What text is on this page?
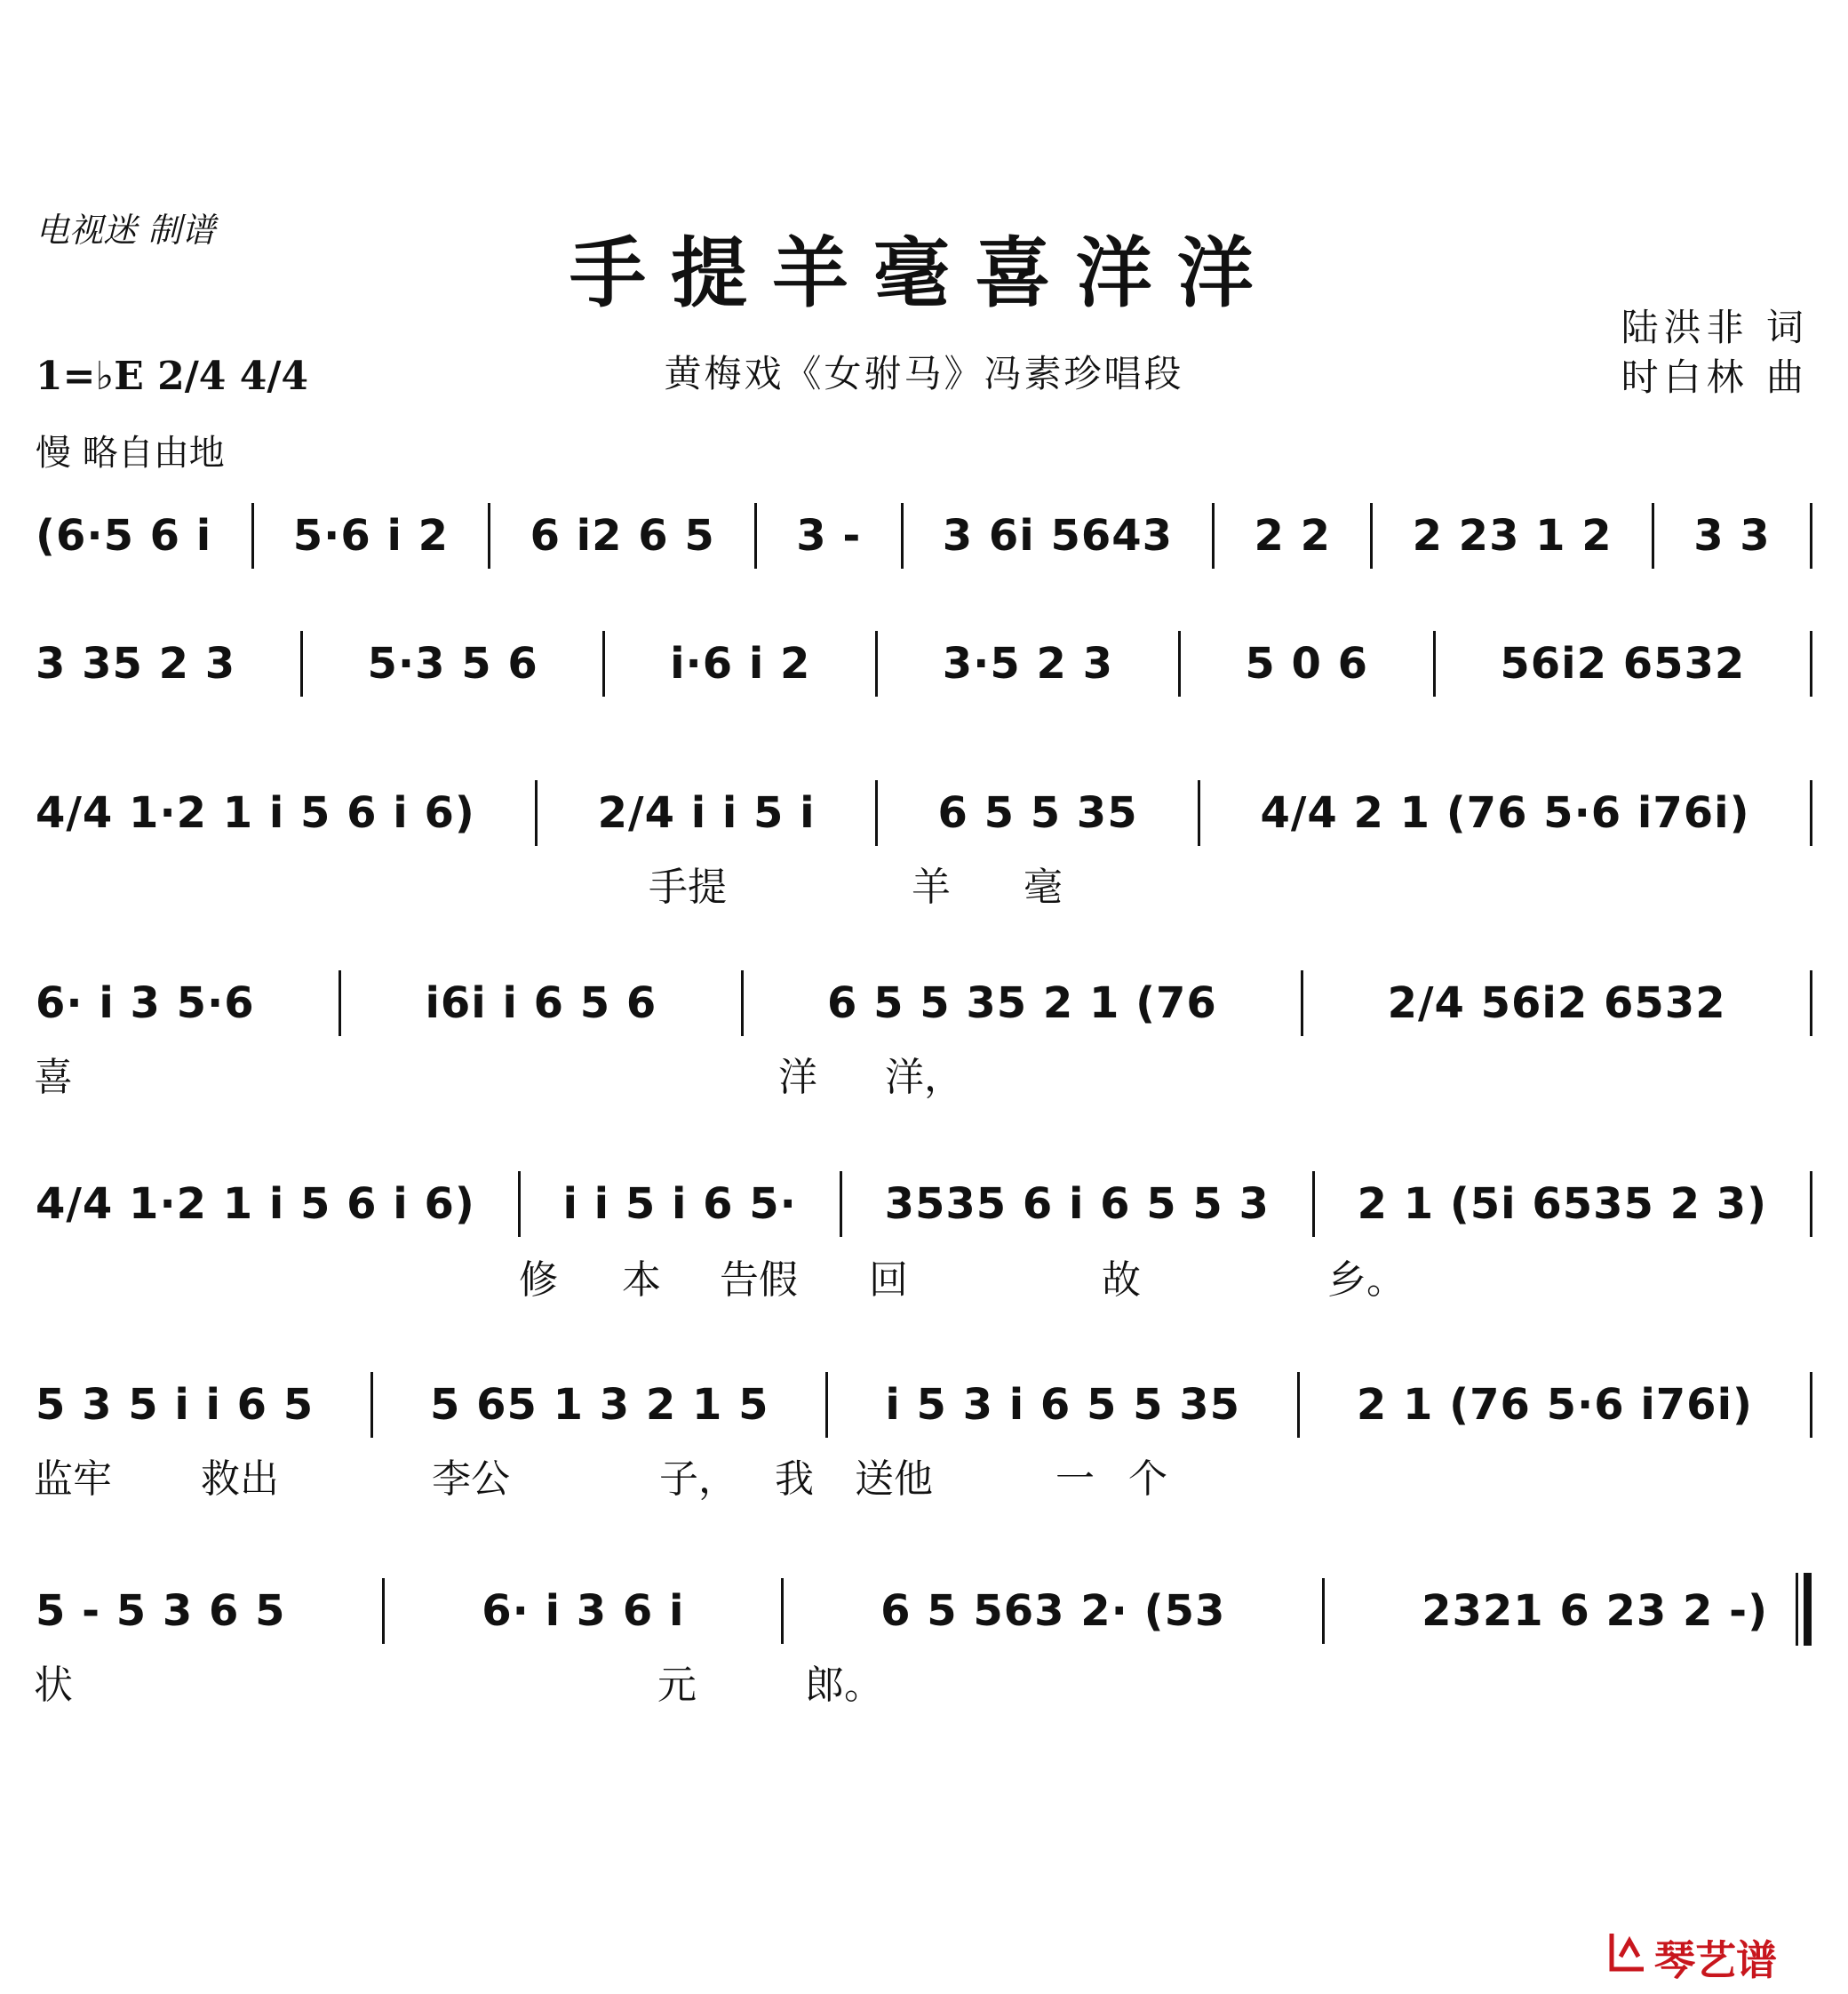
电视迷 制谱	手提羊毫喜洋洋
黄梅戏《女驸马》冯素珍唱段
陆洪非 词
时白林 曲
1=♭E 2/4 4/4
慢 略自由地
(6·5 6 i 5·6 i 2 6 i2 6 5 3 - 3 6i 5643 2 2 2 23 1 2 3 3
3 35 2 3	5·3 5 6	i·6 i 2	3·5 2 3	5 0 6	56i2 6532
4/4 1·2 1 i 5 6 i 6)	2/4 i i 5 i	6 5 5 35	4/4 2 1 (76 5·6 i76i)
手提	羊 毫
6· i 3 5·6	i6i i 6 5 6	6 5 5 35 2 1 (76	2/4 56i2 6532
喜	洋 洋，
4/4 1·2 1 i 5 6 i 6) i i 5 i 6 5· 3535 6 i 6 5 5 3 2 1 (5i 6535 2 3)
修 本 告假 回	故	乡。
5 3 5 i i 6 5	5 65 1 3 2 1 5	i 5 3 i 6 5 5 35	2 1 (76 5·6 i76i)
监牢 救出	李公	子， 我 送他	一 个
5 - 5 3 6 5	6· i 3 6 i	6 5 563 2· (53	2321 6 23 2 -)
状	元	郎。
琴艺谱
